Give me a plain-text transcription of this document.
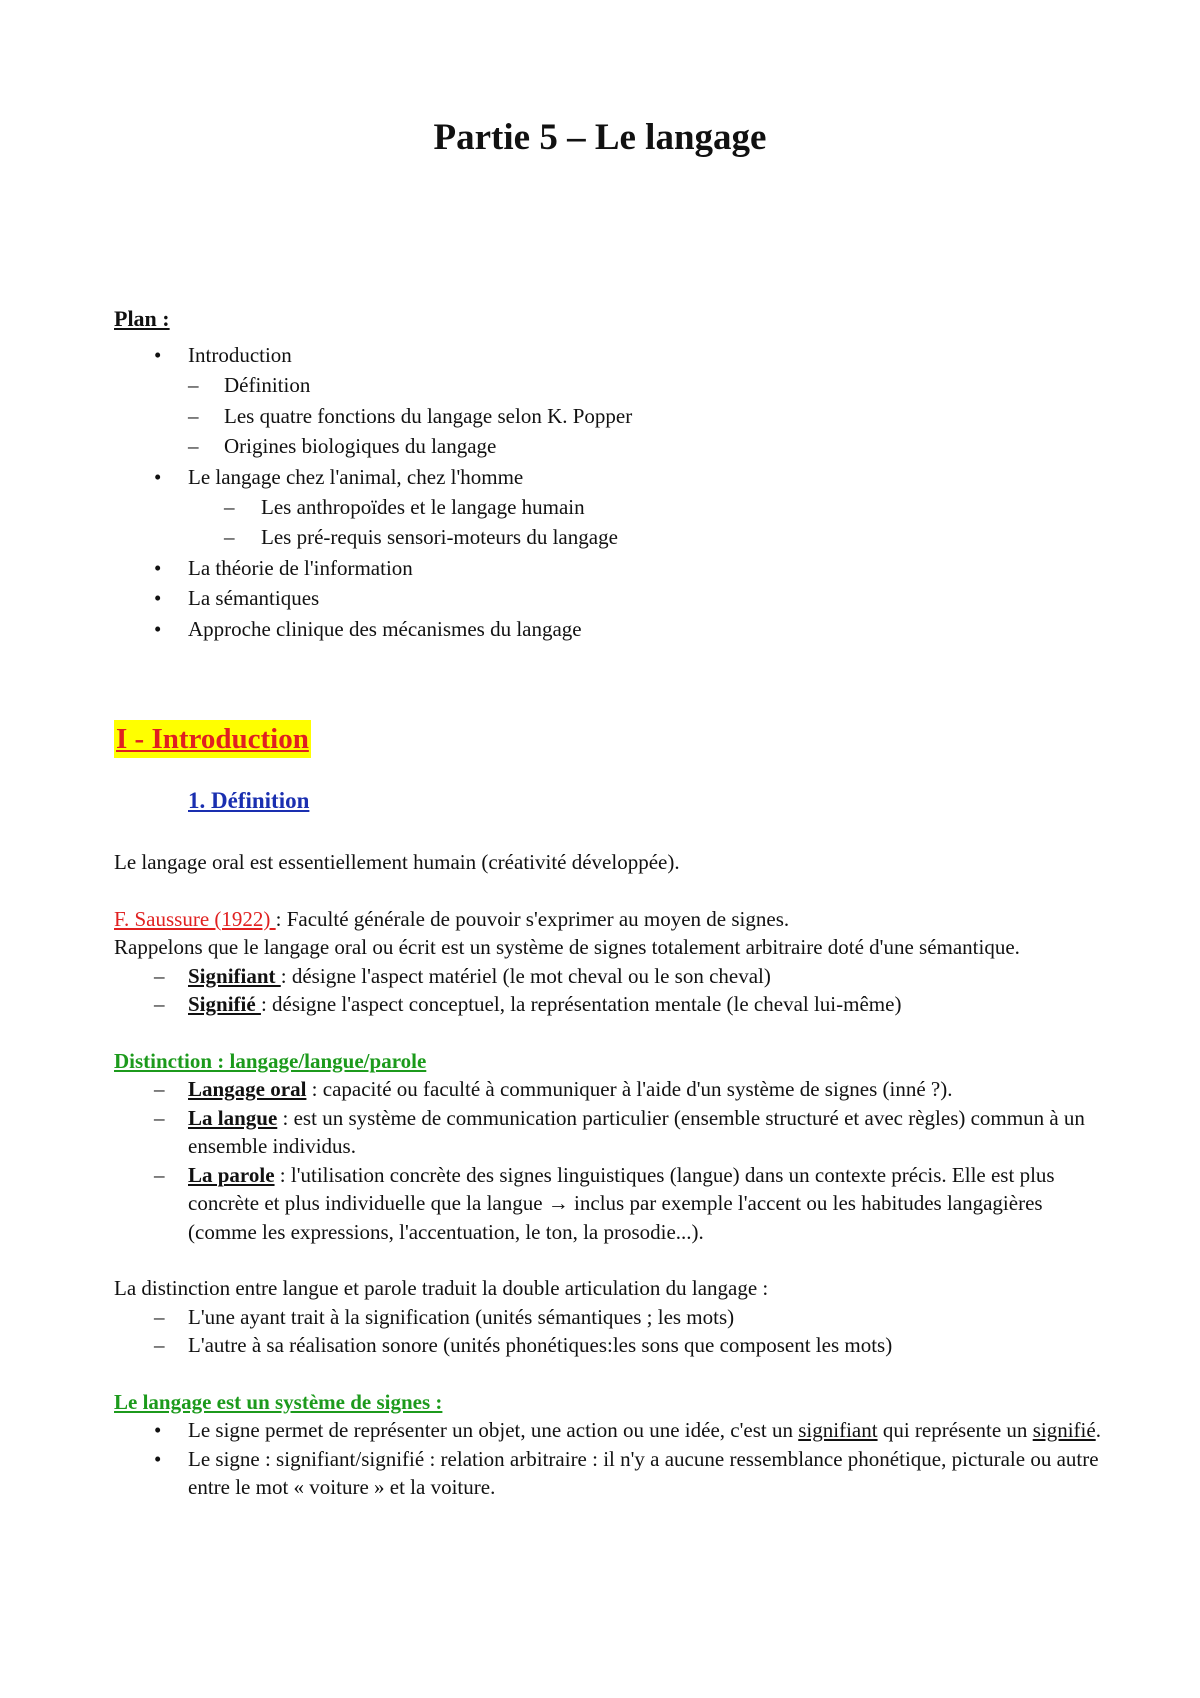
Partie 5 – Le langage
Plan :
• Introduction
– Définition
– Les quatre fonctions du langage selon K. Popper
– Origines biologiques du langage
• Le langage chez l'animal, chez l'homme
– Les anthropoïdes et le langage humain
– Les pré-requis sensori-moteurs du langage
• La théorie de l'information
• La sémantiques
• Approche clinique des mécanismes du langage
I - Introduction
1. Définition

Le langage oral est essentiellement humain (créativité développée).

F. Saussure (1922) : Faculté générale de pouvoir s'exprimer au moyen de signes.

Rappelons que le langage oral ou écrit est un système de signes totalement arbitraire doté d'une sémantique.

– Signifiant : désigne l'aspect matériel (le mot cheval ou le son cheval)
– Signifié : désigne l'aspect conceptuel, la représentation mentale (le cheval lui-même)

Distinction : langage/langue/parole

– Langage oral : capacité ou faculté à communiquer à l'aide d'un système de signes (inné ?).
– La langue : est un système de communication particulier (ensemble structuré et avec règles) commun à un ensemble individus.
– La parole : l'utilisation concrète des signes linguistiques (langue) dans un contexte précis. Elle est plus concrète et plus individuelle que la langue → inclus par exemple l'accent ou les habitudes langagières (comme les expressions, l'accentuation, le ton, la prosodie...).

La distinction entre langue et parole traduit la double articulation du langage :

– L'une ayant trait à la signification (unités sémantiques ; les mots)
– L'autre à sa réalisation sonore (unités phonétiques:les sons que composent les mots)

Le langage est un système de signes :

• Le signe permet de représenter un objet, une action ou une idée, c'est un signifiant qui représente un signifié.
• Le signe : signifiant/signifié : relation arbitraire : il n'y a aucune ressemblance phonétique, picturale ou autre entre le mot « voiture » et la voiture.
